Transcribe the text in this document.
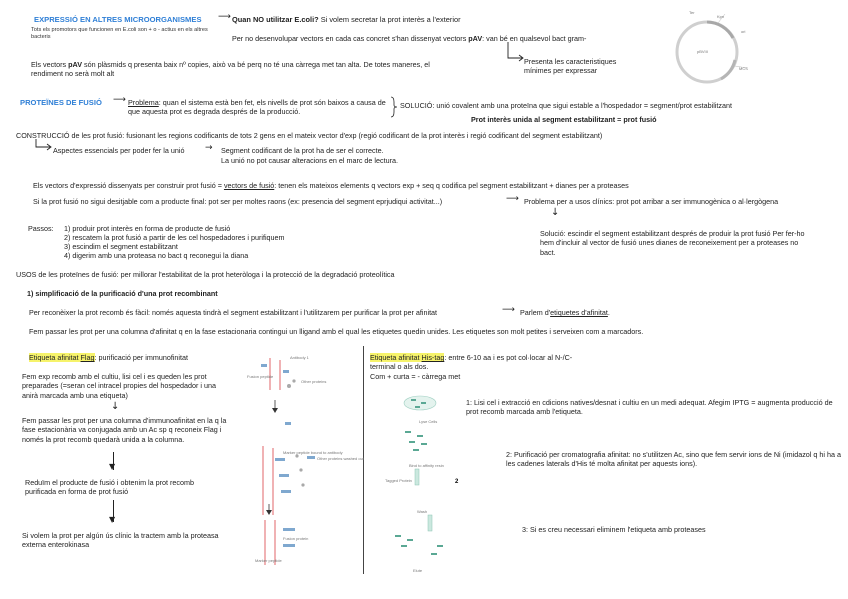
EXPRESSIÓ EN ALTRES MICROORGANISMES ⟶ Quan NO utilitzar E.coli? Si volem secretar la prot interès a l'exterior
Tots els promotors que funcionen en E.coli son + o - actius en els altres bacteris	Per no desenvolupar vectors en cada cas concret s'han dissenyat vectors pAV: van bé en qualsevol bact gram-
Presenta les caracteristiques mínimes per expressar
Els vectors pAV són plàsmids q presenta baix nº copies, això va bé perq no té una càrrega met tan alta. De totes maneres, el rendiment no serà molt alt
pBVIII
Ter
Kpn
ori
MCS
PROTEÏNES DE FUSIÓ ⟶ Problema: quan el sistema està ben fet, els nivells de prot són baixos a causa de que aquesta prot es degrada després de la producció.
SOLUCIÓ: unió covalent amb una proteïna que sigui estable a l'hospedador = segment/prot estabilitzant
Prot interès unida al segment estabilitzant = prot fusió
CONSTRUCCIÓ de les prot fusió: fusionant les regions codificants de tots 2 gens en el mateix vector d'exp (regió codificant de la prot interès i regió codificant del segment estabilitzant)
Aspectes essencials per poder fer la unió → Segment codificant de la prot ha de ser el correcte.
La unió no pot causar alteracions en el marc de lectura.
Els vectors d'expressió dissenyats per construir prot fusió = vectors de fusió: tenen els mateixos elements q vectors exp + seq q codifica pel segment estabilitzant + dianes per a proteases
Si la prot fusió no sigui desitjable com a producte final: pot ser per moltes raons (ex: presencia del segment eprjudiqui activitat...)	⟶ Problema per a usos clínics: prot pot arribar a ser immunogènica o al·lergògena
↓
Passos: 1) produir prot interès en forma de producte de fusió
2) rescatem la prot fusió a partir de les cel hospedadores i purifiquem
3) escindim el segment estabilitzant
4) digerim amb una proteasa no bact q reconegui la diana
Solució: escindir el segment estabilitzant després de produir la prot fusió Per fer-ho hem d'incluir al vector de fusió unes dianes de reconeixement per a proteases no bact.
USOS de les proteïnes de fusió: per millorar l'estabilitat de la prot heteròloga i la protecció de la degradació proteolítica
1) simplificació de la purificació d'una prot recombinant
Per reconèixer la prot recomb és fàcil: només aquesta tindrà el segment estabilitzant i l'utilitzarem per purificar la prot per afinitat	⟶ Parlem d'etiquetes d'afinitat.
Fem passar les prot per una columna d'afinitat q en la fase estacionaria contingui un lligand amb el qual les etiquetes quedin unides. Les etiquetes son molt petites i serveixen com a marcadors.
Etiqueta afinitat Flag: purificació per immunofinitat
Fem exp recomb amb el cultiu, lisi cel i es queden les prot preparades (=seran cel intracel propies del hospedador i una anirà marcada amb una etiqueta)
↓
Fem passar les prot per una columna d'immunoafinitat en la q la fase estacionària va conjugada amb un Ac sp q reconeix Flag i només la prot recomb quedarà unida a la columna.
▼
Reduïm el producte de fusió i obtenim la prot recomb purificada en forma de prot fusió
▼
Si volem la prot per algún ús clínic la tractem amb la proteasa externa enterokinasa
Antibody 1
Fusion peptide
Other proteins
Marker peptide bound to antibody
Other proteins washed out
Fusion protein
Marker peptide
Etiqueta afinitat His-tag: entre 6-10 aa i es pot col·locar al N-/C-terminal o als dos.
Com + curta = - càrrega met
Lyse Cells
Bind to affinity resin
Tagged Protein	2
Wash
Elute
1: Lisi cel i extracció en cdicions natives/desnat i cultiu en un medi adequat. Afegim IPTG = augmenta producció de prot recomb marcada amb l'etiqueta.
2: Purificació per cromatografia afinitat: no s'utilitzen Ac, sino que fem servir ions de Ni (imidazol q hi ha a les cadenes laterals d'His té molta afinitat per aquests ions).
3: Si es creu necessari eliminem l'etiqueta amb proteases
